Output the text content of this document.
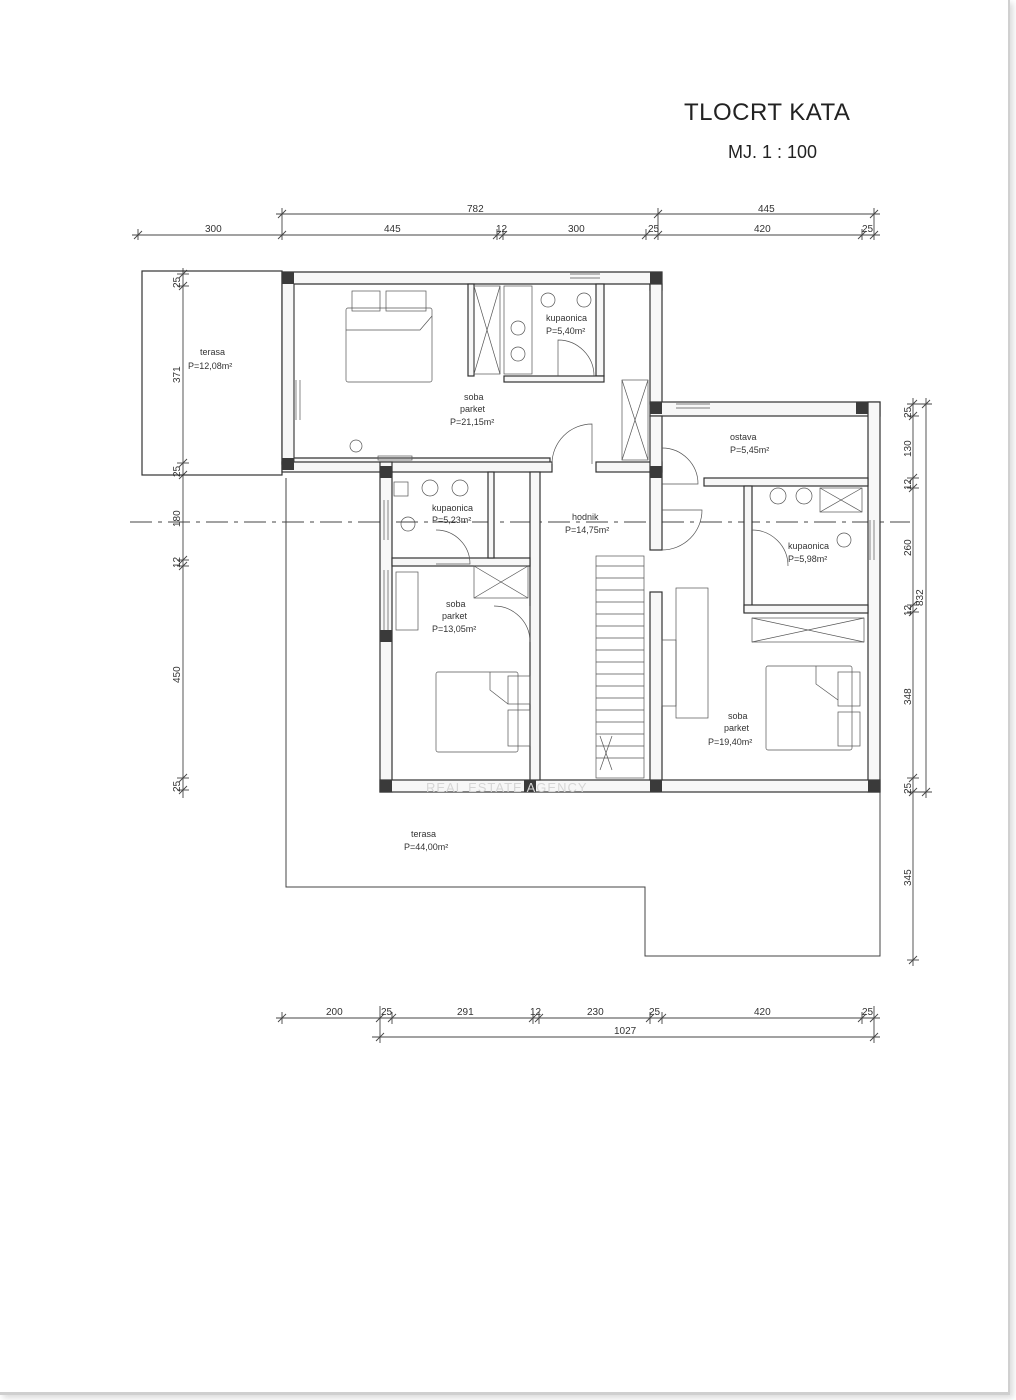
TLOCRT KATA
MJ. 1 : 100
782	445
300	445	12	300	25	420	25
25
371
25
180
12
450
25
25
130
12
260
12
348
25
345
832
200	25	291	12	230	25	420	25
1027
REAL ESTATE AGENCY
terasa
P=12,08m²
soba
parket
P=21,15m²
kupaonica
P=5,40m²
ostava
P=5,45m²
kupaonica
P=5,23m²	hodnik
P=14,75m²
kupaonica
P=5,98m²
soba
parket
P=13,05m²
soba
parket
P=19,40m²
terasa
P=44,00m²
